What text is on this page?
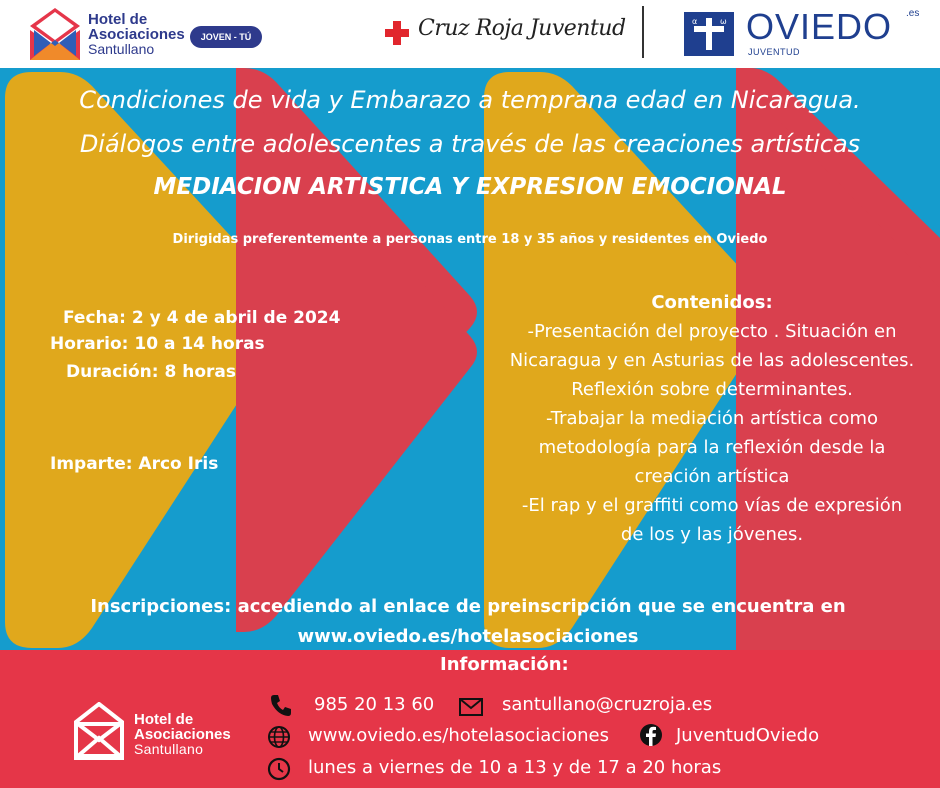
Hotel de
Asociaciones
Santullano
JOVEN - TÚ	Cruz Roja Juventud	α	ω OVIEDO .es
JUVENTUD
Condiciones de vida y Embarazo a temprana edad en Nicaragua.
Diálogos entre adolescentes a través de las creaciones artísticas
MEDIACION ARTISTICA Y EXPRESION EMOCIONAL
Dirigidas preferentemente a personas entre 18 y 35 años y residentes en Oviedo
Fecha: 2 y 4 de abril de 2024
Horario: 10 a 14 horas
Duración: 8 horas
Imparte: Arco Iris
Contenidos:
-Presentación del proyecto . Situación en
Nicaragua y en Asturias de las adolescentes.
Reflexión sobre determinantes.
-Trabajar la mediación artística como
metodología para la reflexión desde la
creación artística
-El rap y el graffiti como vías de expresión
de los y las jóvenes.
Inscripciones: accediendo al enlace de preinscripción que se encuentra en
www.oviedo.es/hotelasociaciones
Información:
Hotel de
Asociaciones
Santullano
985 20 13 60	santullano@cruzroja.es
www.oviedo.es/hotelasociaciones	JuventudOviedo
lunes a viernes de 10 a 13 y de 17 a 20 horas
